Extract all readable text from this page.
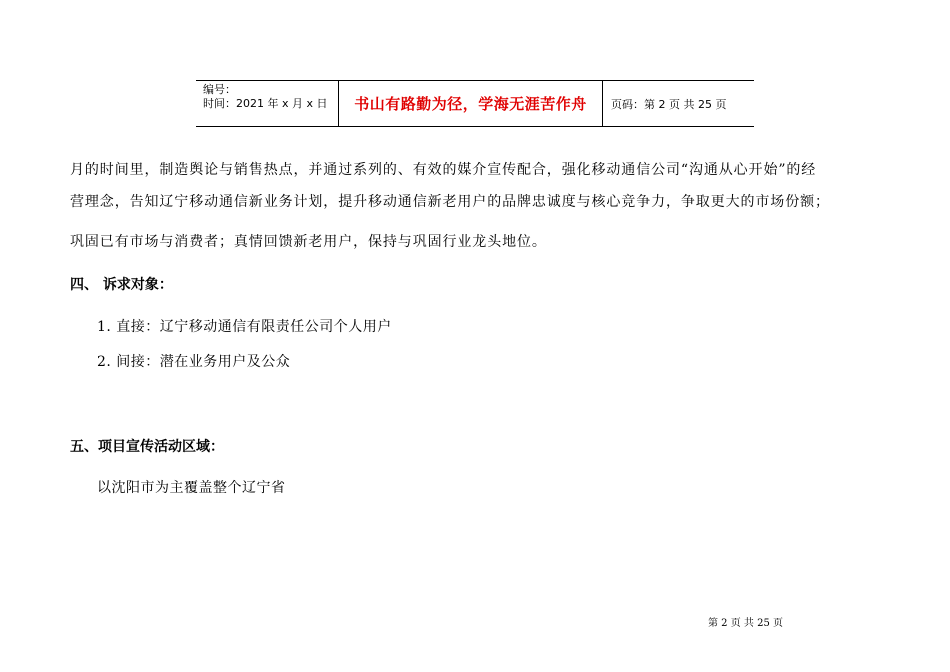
编号：
时间：2021 年 x 月 x 日	书山有路勤为径，学海无涯苦作舟	页码：第 2 页 共 25 页
月的时间里，制造舆论与销售热点，并通过系列的、有效的媒介宣传配合，强化移动通信公司“沟通从心开始”的经
营理念，告知辽宁移动通信新业务计划，提升移动通信新老用户的品牌忠诚度与核心竞争力，争取更大的市场份额；
巩固已有市场与消费者；真情回馈新老用户，保持与巩固行业龙头地位。
四、 诉求对象：
1. 直接：辽宁移动通信有限责任公司个人用户
2. 间接：潜在业务用户及公众
五、项目宣传活动区域：
以沈阳市为主覆盖整个辽宁省
第 2 页 共 25 页
